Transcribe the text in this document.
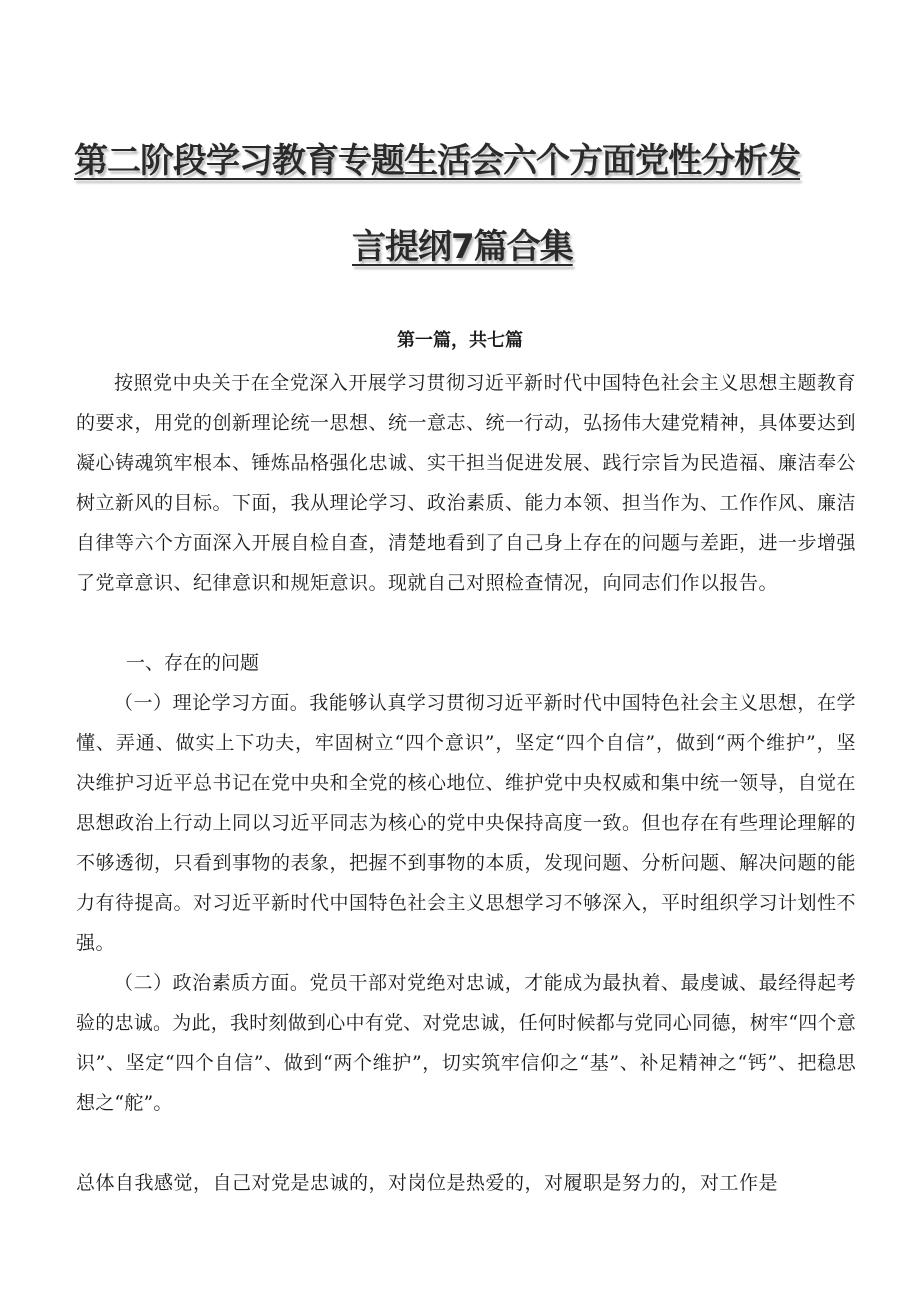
第二阶段学习教育专题生活会六个方面党性分析发
言提纲7篇合集

第一篇，共七篇

按照党中央关于在全党深入开展学习贯彻习近平新时代中国特色社会主义思想主题教育的要求，用党的创新理论统一思想、统一意志、统一行动，弘扬伟大建党精神，具体要达到凝心铸魂筑牢根本、锤炼品格强化忠诚、实干担当促进发展、践行宗旨为民造福、廉洁奉公树立新风的目标。下面，我从理论学习、政治素质、能力本领、担当作为、工作作风、廉洁自律等六个方面深入开展自检自查，清楚地看到了自己身上存在的问题与差距，进一步增强了党章意识、纪律意识和规矩意识。现就自己对照检查情况，向同志们作以报告。

一、存在的问题

（一）理论学习方面。我能够认真学习贯彻习近平新时代中国特色社会主义思想，在学懂、弄通、做实上下功夫，牢固树立“四个意识”，坚定“四个自信”，做到“两个维护”，坚决维护习近平总书记在党中央和全党的核心地位、维护党中央权威和集中统一领导，自觉在思想政治上行动上同以习近平同志为核心的党中央保持高度一致。但也存在有些理论理解的不够透彻，只看到事物的表象，把握不到事物的本质，发现问题、分析问题、解决问题的能力有待提高。对习近平新时代中国特色社会主义思想学习不够深入，平时组织学习计划性不强。

（二）政治素质方面。党员干部对党绝对忠诚，才能成为最执着、最虔诚、最经得起考验的忠诚。为此，我时刻做到心中有党、对党忠诚，任何时候都与党同心同德，树牢“四个意识”、坚定“四个自信”、做到“两个维护”，切实筑牢信仰之“基”、补足精神之“钙”、把稳思想之“舵”。

总体自我感觉，自己对党是忠诚的，对岗位是热爱的，对履职是努力的，对工作是
